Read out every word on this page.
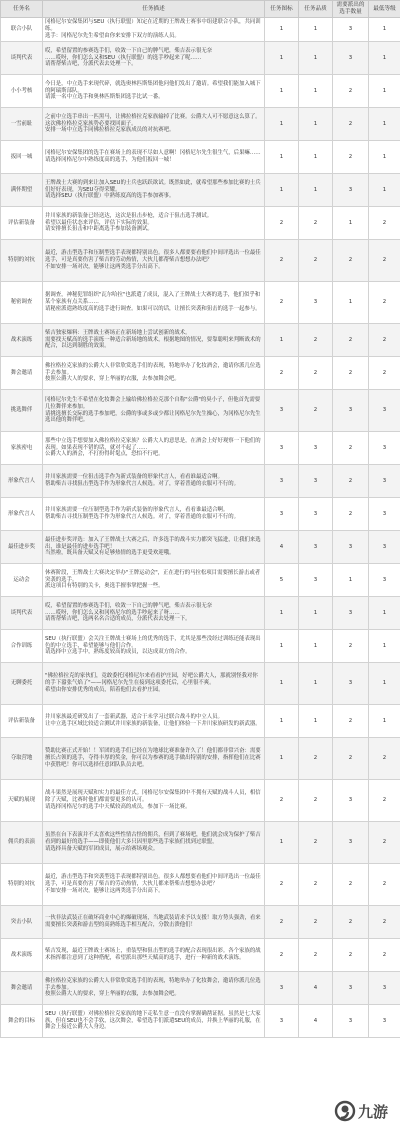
任务名	任务描述	任务图标	任务品质	需要派出的选手数量	最低等级
联合小队	冈格尼尔安保集团与SEU（执行联盟）知定在近期的王牌战士赛事中组建联合小队，共同训练。
选手：冈格尼尔先生希望由你来安排下双方的演练人员。	1	1	3	1
谈判代表	哎，希望留置的参赛选手们，收敛一下自己的脾气吧，柴吉表示很无奈
……哎呀，你们怎么又和SEU（执行联盟）的选手吵起来了呢……
请帮帮柴吉吧，分派代表去处理一下。	1	1	3	1
小小考核	今日是，中立选手来现代碎，就选奥林匹斯集团他问他们发出了邀请。希望我们能加入城下的阿瑞斯部队。
请派一名中立选手和奥林匹斯集团选手比试一番。	1	1	2	1
一雪前耻	之前中立选手串出一匹黑马，让佛拉格拉克家族输掉了比赛。公爵大人可不愿意这么算了。这次佛拉格拉克家族势必要找回面子。
安排一场中立选手同佛拉格拉克家族成员的对抗赛吧。	1	1	2	1
扳回一城	冈格尼尔安保集团的选手在赛场上的表现不尽如人意啊！冈格尼尔先生很生气，后果嘛……
请选择冈格尼尔中熟练度高的选手，为他们扳回一城！	1	1	2	1
满怀期望	王牌战士大赛的到来让加入SEU的士兵也跃跃欲试。既然如此，就希望那些参加比赛的士兵们好好表现，为SEU夺得荣耀。
请选择SEU（执行联盟）中熟练度高的选手参加赛事。	1	1	3	1
评估新装备	井川家族的新装备已经送达，这次是狙击步枪，适合于狙击选手测试。
希望以最佳状态来评估，评估下实际的效果。
请安排擅长狙击和中距离选手参加装备测试。	2	2	1	2
特别的対抗	最近，游击型选手和压制型选手表现都特别出色。很多人都要要看他们中间评选出一位最佳选手，可是真要伤害了柴吉的劳动热情，大伙儿都帮柴吉想想办法吧？
不如安排一场对决，能够让这两类选手分出高下。	2	2	2	2
秘密调查	据调查，神秘犯罪组织"瓦尔哈拉"也派遣了成员，混入了王牌战士大赛的选手，他们似乎和某个家族有点关系……
请秘密派遣熟练度高的选手进行调查。如果可以的话，让擅长突袭和狙击的选手一起参与。	2	3	1	2
战术演练	柴吉独家爆料：王牌战士赛场正在新场地上尝试创新的战术。
需要找天赋高的选手演练一种适合新场地的战术。根据地图的情况，要靠聪明来判断战术的配合，以达到制胜的效果。	1	2	2	2
舞会邀请	佛拉格拉克家族的公爵大人非常欣赏选手们的表现，特地举办了化妆酒会，邀请你派几位选手去参加。
按照公爵大人的要求，穿上华丽的衣服，去参加舞会吧。	2	2	2	2
挑选舞伴	冈格尼尔先生不希望在化妆舞会上输给佛拉格拉克那个自称"公爵"的臭小子，但他首先需要几位舞伴来参加。
请挑选擅长交际的选手参加吧，公爵的事或多或少都让冈格尼尔先生操心，为冈格尼尔先生选出他的舞伴吧。	3	2	3	3
家族密电	那些中立选手想要加入佛拉格拉克家族？公爵大人的意思是，在酒会上好好观察一下他们的表现。如果表现不错的话，就对不起了……
公爵大人的酒会，不打扮得时髦点，恐怕不行吧。	3	3	2	3
形象代言人	井川家族需要一位狙击选手作为新式装备的形象代言人，看看谁最适合啊。
帮助柴吉寻找狙击型选手作为形象代言人候选。对了，穿着普通的衣服可不行的。	3	3	2	3
形象代言人	井川家族需要一位压制型选手作为新式装备的形象代言人，看看谁最适合啊。
帮助柴吉寻找压制型选手作为形象代言人候选。对了，穿着普通的衣服可不行的。	3	3	2	3
最佳进步奖	最佳进步奖评选：加入了王牌战士大赛之后，许多选手的战斗实力都突飞猛进，让我们来选出，谁是最佳的进步选手吧！
当然啦，既具备天赋又有足够热情的选手更受欢迎哦。	4	3	3	3
运动会	休赛阶段，王牌战士大赛决定举办"王牌运动会"，正在进行的马拉松项目需要擅长游击或者突袭的选手。
派这项目有特别的关卡，奥选手擅事掌把握一些。	5	3	1	3
谈判代表	哎，希望留置的参赛选手们，收敛一下自己的脾气吧，柴吉表示很无奈
……哎呀，你们怎么又和冈格尼尔的选手吵起来了呀……
请帮帮柴吉吧，选两名名合适的成员，分派代表去处理一下。	1	1	3	1
合作训练	SEU（执行联盟）会关注王牌战士赛场上的优秀的选手，尤其是那些没经过训练还能表现出色的中立选手，希望能够与他们合作。
请选择中立选手中，熟练度较高的成员，以达成双方的合作。	1	1	2	1
无聊委托	"佛拉格拉克的家伙们，竟敢委托冈格尼尔来看看护庄园，好吧公爵大人，那就别怪我对你的手下嚣张气焰了"——冈格尼尔先生在接到这项委托后，心里很不爽。
希望由你安排优秀的成员，陪着他们去看护庄园。	1	1	3	1
评估新装备	井川家族最近研发出了一套新武器，适合于未学习过联合战斗的中立人员。
让中立选手区域比较适合测试井川家族的新装备，让他们体验一下井川家族研发的新武器。	1	1	2	1
夺取营地	赞助比赛正式开始！！军团的选手们已经在为地球比赛准备许久了！他们都非常兴奋：需要擅长占领的选手，夺得丰厚的奖金，你可以为参赛的选手做出特别的安排，指挥他们在比赛中获胜吧！你可以选择任意团队队员去吧。	1	2	2	2
天赋的展现	战斗果然是展现天赋和实力的最佳方式。冈格尼尔安保集团中不拥有天赋的战斗人员，相信除了天赋，比赛时他们都需要更多的认可。
请选择冈格尼尔的选手中天赋较高的成员，参加下一场比赛。	2	2	3	2
佣兵的表演	虽然在台下表演并不太喜欢这些性情古怪的佣兵，但到了赛场吧，他们就会成为保护了柴吉看到的最好的选手——即使他们大多只因里那些选手家族们找到过联盟，
请选择具备天赋的军团成员，展示给赛场观众。	1	2	3	2
特别的対抗	最近，游击型选手和突袭型选手表现都特别出色。很多人都想要看他们中间评选出一位最佳选手，可是真要伤害了柴吉的劳动热情，大伙儿都来帮柴吉想想办法吧？
不如安排一场对决，能够让这两类选手分出高下。	2	2	2	2
突击小队	一伙非法武装正在破坏商业中心的爆破现场，当地武装请求予以支援！取方势头强劲，看来需要擅长突袭和游击型的高熟练选手相互配合，分散击溃他们！	2	2	2	2
战术演练	柴吉发现，最近王牌战士赛场上，重装型和狙击型的选手的配合表现很出彩。各个家族的战术指挥都注意到了这种搭配，希望派出那些天赋高的选手，进行一种新的战术演练。	2	2	2	2
舞会邀请	佛拉格拉克家族的公爵大人非常欣赏选手们的表现，特地举办了化妆舞会，邀请你派几位选手去参加。
按照公爵大人的要求，穿上华丽的衣服，去参加舞会吧。	3	4	3	3
舞会的目标	SEU（执行联盟）对佛拉格拉克家族的地下走私生意一直没有掌握确凿证据。虽然是七大家族，但在SEU也不会手软，这次舞会，希望选手们派遣SEU的成员，并换上华丽的礼服，在舞会上接近公爵大人身边。	3	4	3	3
九游
